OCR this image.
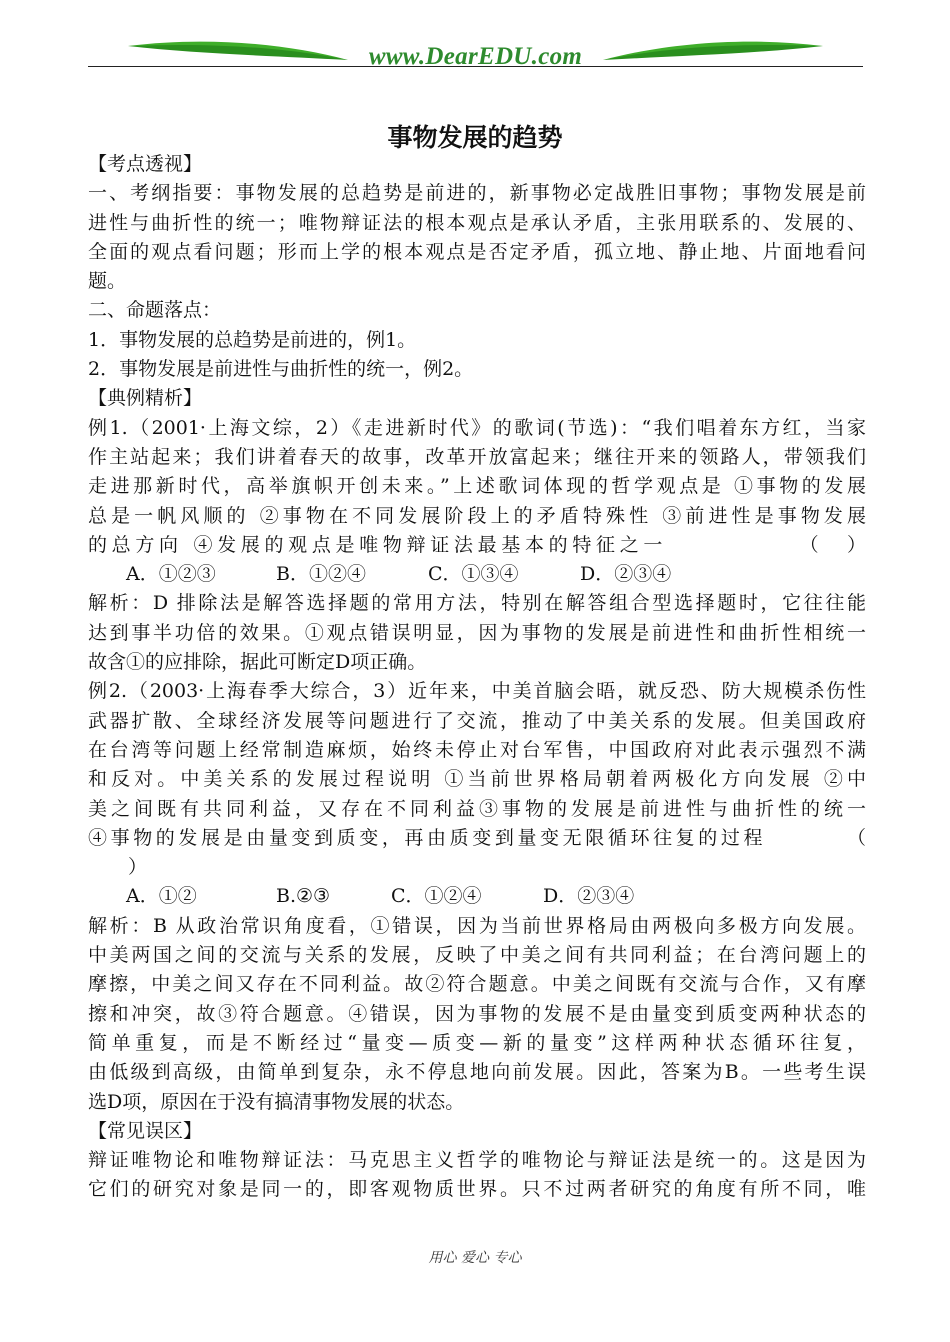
www.DearEDU.com
事物发展的趋势
【考点透视】
一、考纲指要：事物发展的总趋势是前进的，新事物必定战胜旧事物；事物发展是前
进性与曲折性的统一；唯物辩证法的根本观点是承认矛盾，主张用联系的、发展的、
全面的观点看问题；形而上学的根本观点是否定矛盾，孤立地、静止地、片面地看问
题。
二、命题落点：
1．事物发展的总趋势是前进的，例1。
2．事物发展是前进性与曲折性的统一，例2。
【典例精析】
例1.（2001·上海文综，2）《走进新时代》的歌词(节选)：“我们唱着东方红，当家
作主站起来；我们讲着春天的故事，改革开放富起来；继往开来的领路人，带领我们
走进那新时代，高举旗帜开创未来。”上述歌词体现的哲学观点是 ①事物的发展
总是一帆风顺的 ②事物在不同发展阶段上的矛盾特殊性 ③前进性是事物发展
的总方向 ④发展的观点是唯物辩证法最基本的特征之一　　　　　　（　）
A．①②③	B．①②④	C．①③④	D．②③④
解析：D 排除法是解答选择题的常用方法，特别在解答组合型选择题时，它往往能
达到事半功倍的效果。①观点错误明显，因为事物的发展是前进性和曲折性相统一
故含①的应排除，据此可断定D项正确。
例2.（2003·上海春季大综合，3）近年来，中美首脑会晤，就反恐、防大规模杀伤性
武器扩散、全球经济发展等问题进行了交流，推动了中美关系的发展。但美国政府
在台湾等问题上经常制造麻烦，始终未停止对台军售，中国政府对此表示强烈不满
和反对。中美关系的发展过程说明 ①当前世界格局朝着两极化方向发展 ②中
美之间既有共同利益，又存在不同利益③事物的发展是前进性与曲折性的统一
④事物的发展是由量变到质变，再由质变到量变无限循环往复的过程　　　　（
）
A．①②	B.②③	C．①②④	D．②③④
解析：B 从政治常识角度看，①错误，因为当前世界格局由两极向多极方向发展。
中美两国之间的交流与关系的发展，反映了中美之间有共同利益；在台湾问题上的
摩擦，中美之间又存在不同利益。故②符合题意。中美之间既有交流与合作，又有摩
擦和冲突，故③符合题意。④错误，因为事物的发展不是由量变到质变两种状态的
简单重复，而是不断经过“量变—质变—新的量变”这样两种状态循环往复，
由低级到高级，由简单到复杂，永不停息地向前发展。因此，答案为B。一些考生误
选D项，原因在于没有搞清事物发展的状态。
【常见误区】
辩证唯物论和唯物辩证法：马克思主义哲学的唯物论与辩证法是统一的。这是因为
它们的研究对象是同一的，即客观物质世界。只不过两者研究的角度有所不同，唯
用心 爱心 专心
